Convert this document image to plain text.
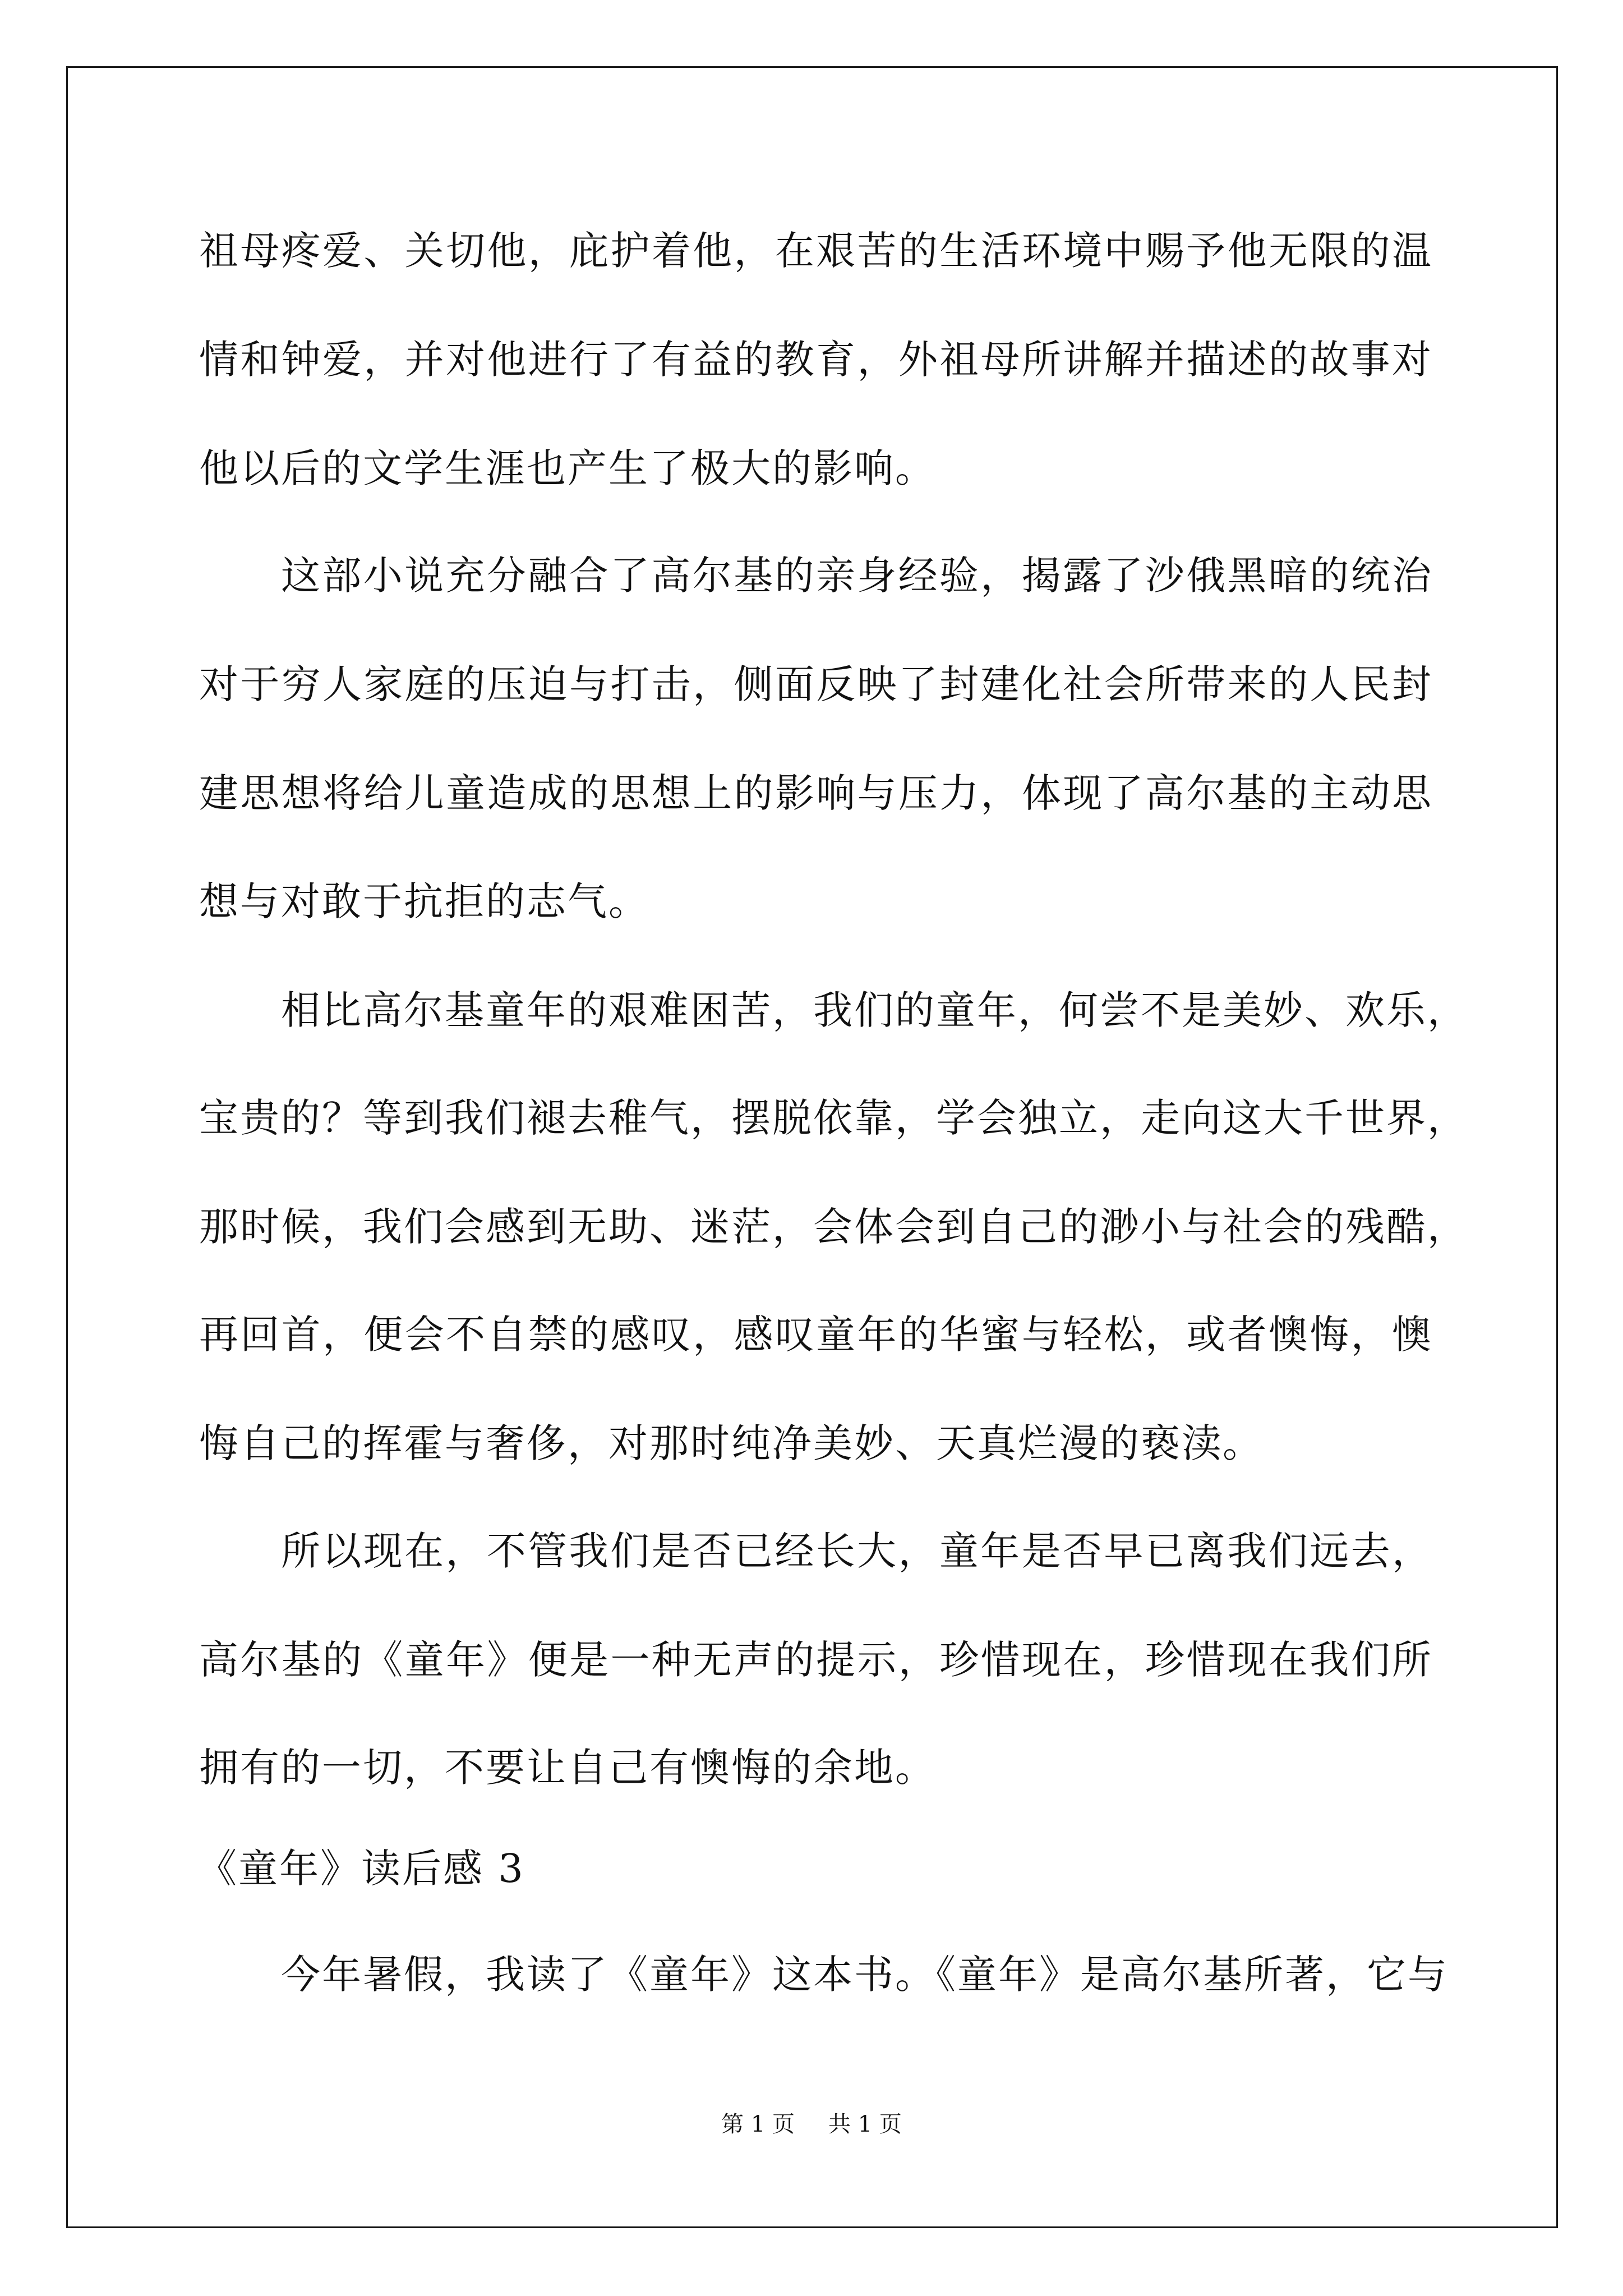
祖母疼爱、关切他，庇护着他，在艰苦的生活环境中赐予他无限的温
情和钟爱，并对他进行了有益的教育，外祖母所讲解并描述的故事对
他以后的文学生涯也产生了极大的影响。
这部小说充分融合了高尔基的亲身经验，揭露了沙俄黑暗的统治
对于穷人家庭的压迫与打击，侧面反映了封建化社会所带来的人民封
建思想将给儿童造成的思想上的影响与压力，体现了高尔基的主动思
想与对敢于抗拒的志气。
相比高尔基童年的艰难困苦，我们的童年，何尝不是美妙、欢乐，
宝贵的？等到我们褪去稚气，摆脱依靠，学会独立，走向这大千世界，
那时候，我们会感到无助、迷茫，会体会到自己的渺小与社会的残酷，
再回首，便会不自禁的感叹，感叹童年的华蜜与轻松，或者懊悔，懊
悔自己的挥霍与奢侈，对那时纯净美妙、天真烂漫的亵渎。
所以现在，不管我们是否已经长大，童年是否早已离我们远去，
高尔基的《童年》便是一种无声的提示，珍惜现在，珍惜现在我们所
拥有的一切，不要让自己有懊悔的余地。
《童年》读后感 3
今年暑假，我读了《童年》这本书。《童年》是高尔基所著，它与
第 1 页 共 1 页
